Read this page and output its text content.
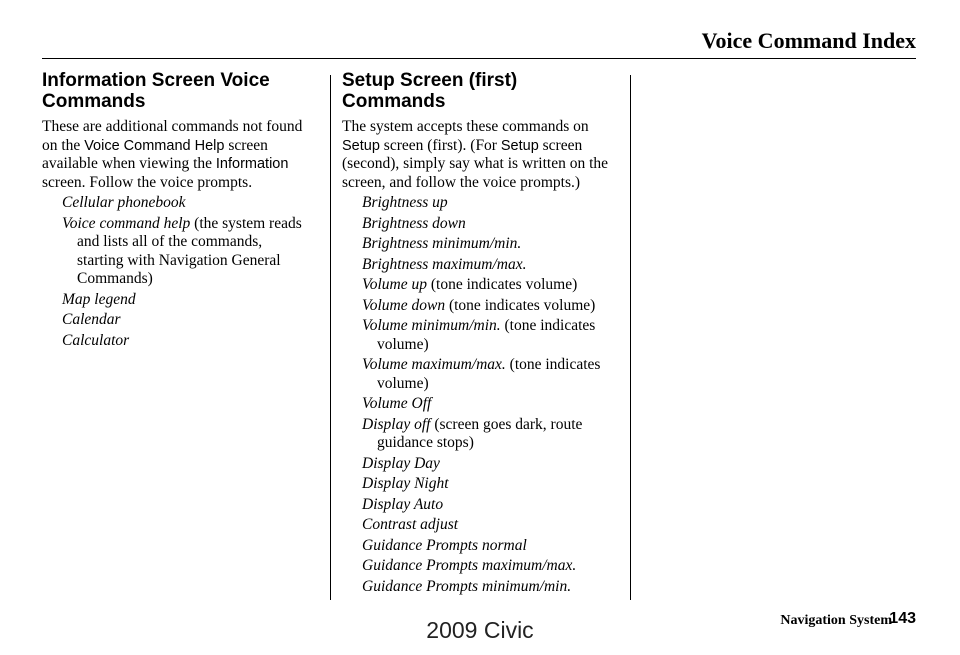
Voice Command Index
Information Screen Voice Commands

These are additional commands not found on the Voice Command Help screen available when viewing the Information screen. Follow the voice prompts.

Cellular phonebook
Voice command help (the system reads and lists all of the commands, starting with Navigation General Commands)
Map legend
Calendar
Calculator
Setup Screen (first) Commands

The system accepts these commands on Setup screen (first). (For Setup screen (second), simply say what is written on the screen, and follow the voice prompts.)

Brightness up
Brightness down
Brightness minimum/min.
Brightness maximum/max.
Volume up (tone indicates volume)
Volume down (tone indicates volume)
Volume minimum/min. (tone indicates volume)
Volume maximum/max. (tone indicates volume)
Volume Off
Display off (screen goes dark, route guidance stops)
Display Day
Display Night
Display Auto
Contrast adjust
Guidance Prompts normal
Guidance Prompts maximum/max.
Guidance Prompts minimum/min.
Navigation System
143
2009 Civic
